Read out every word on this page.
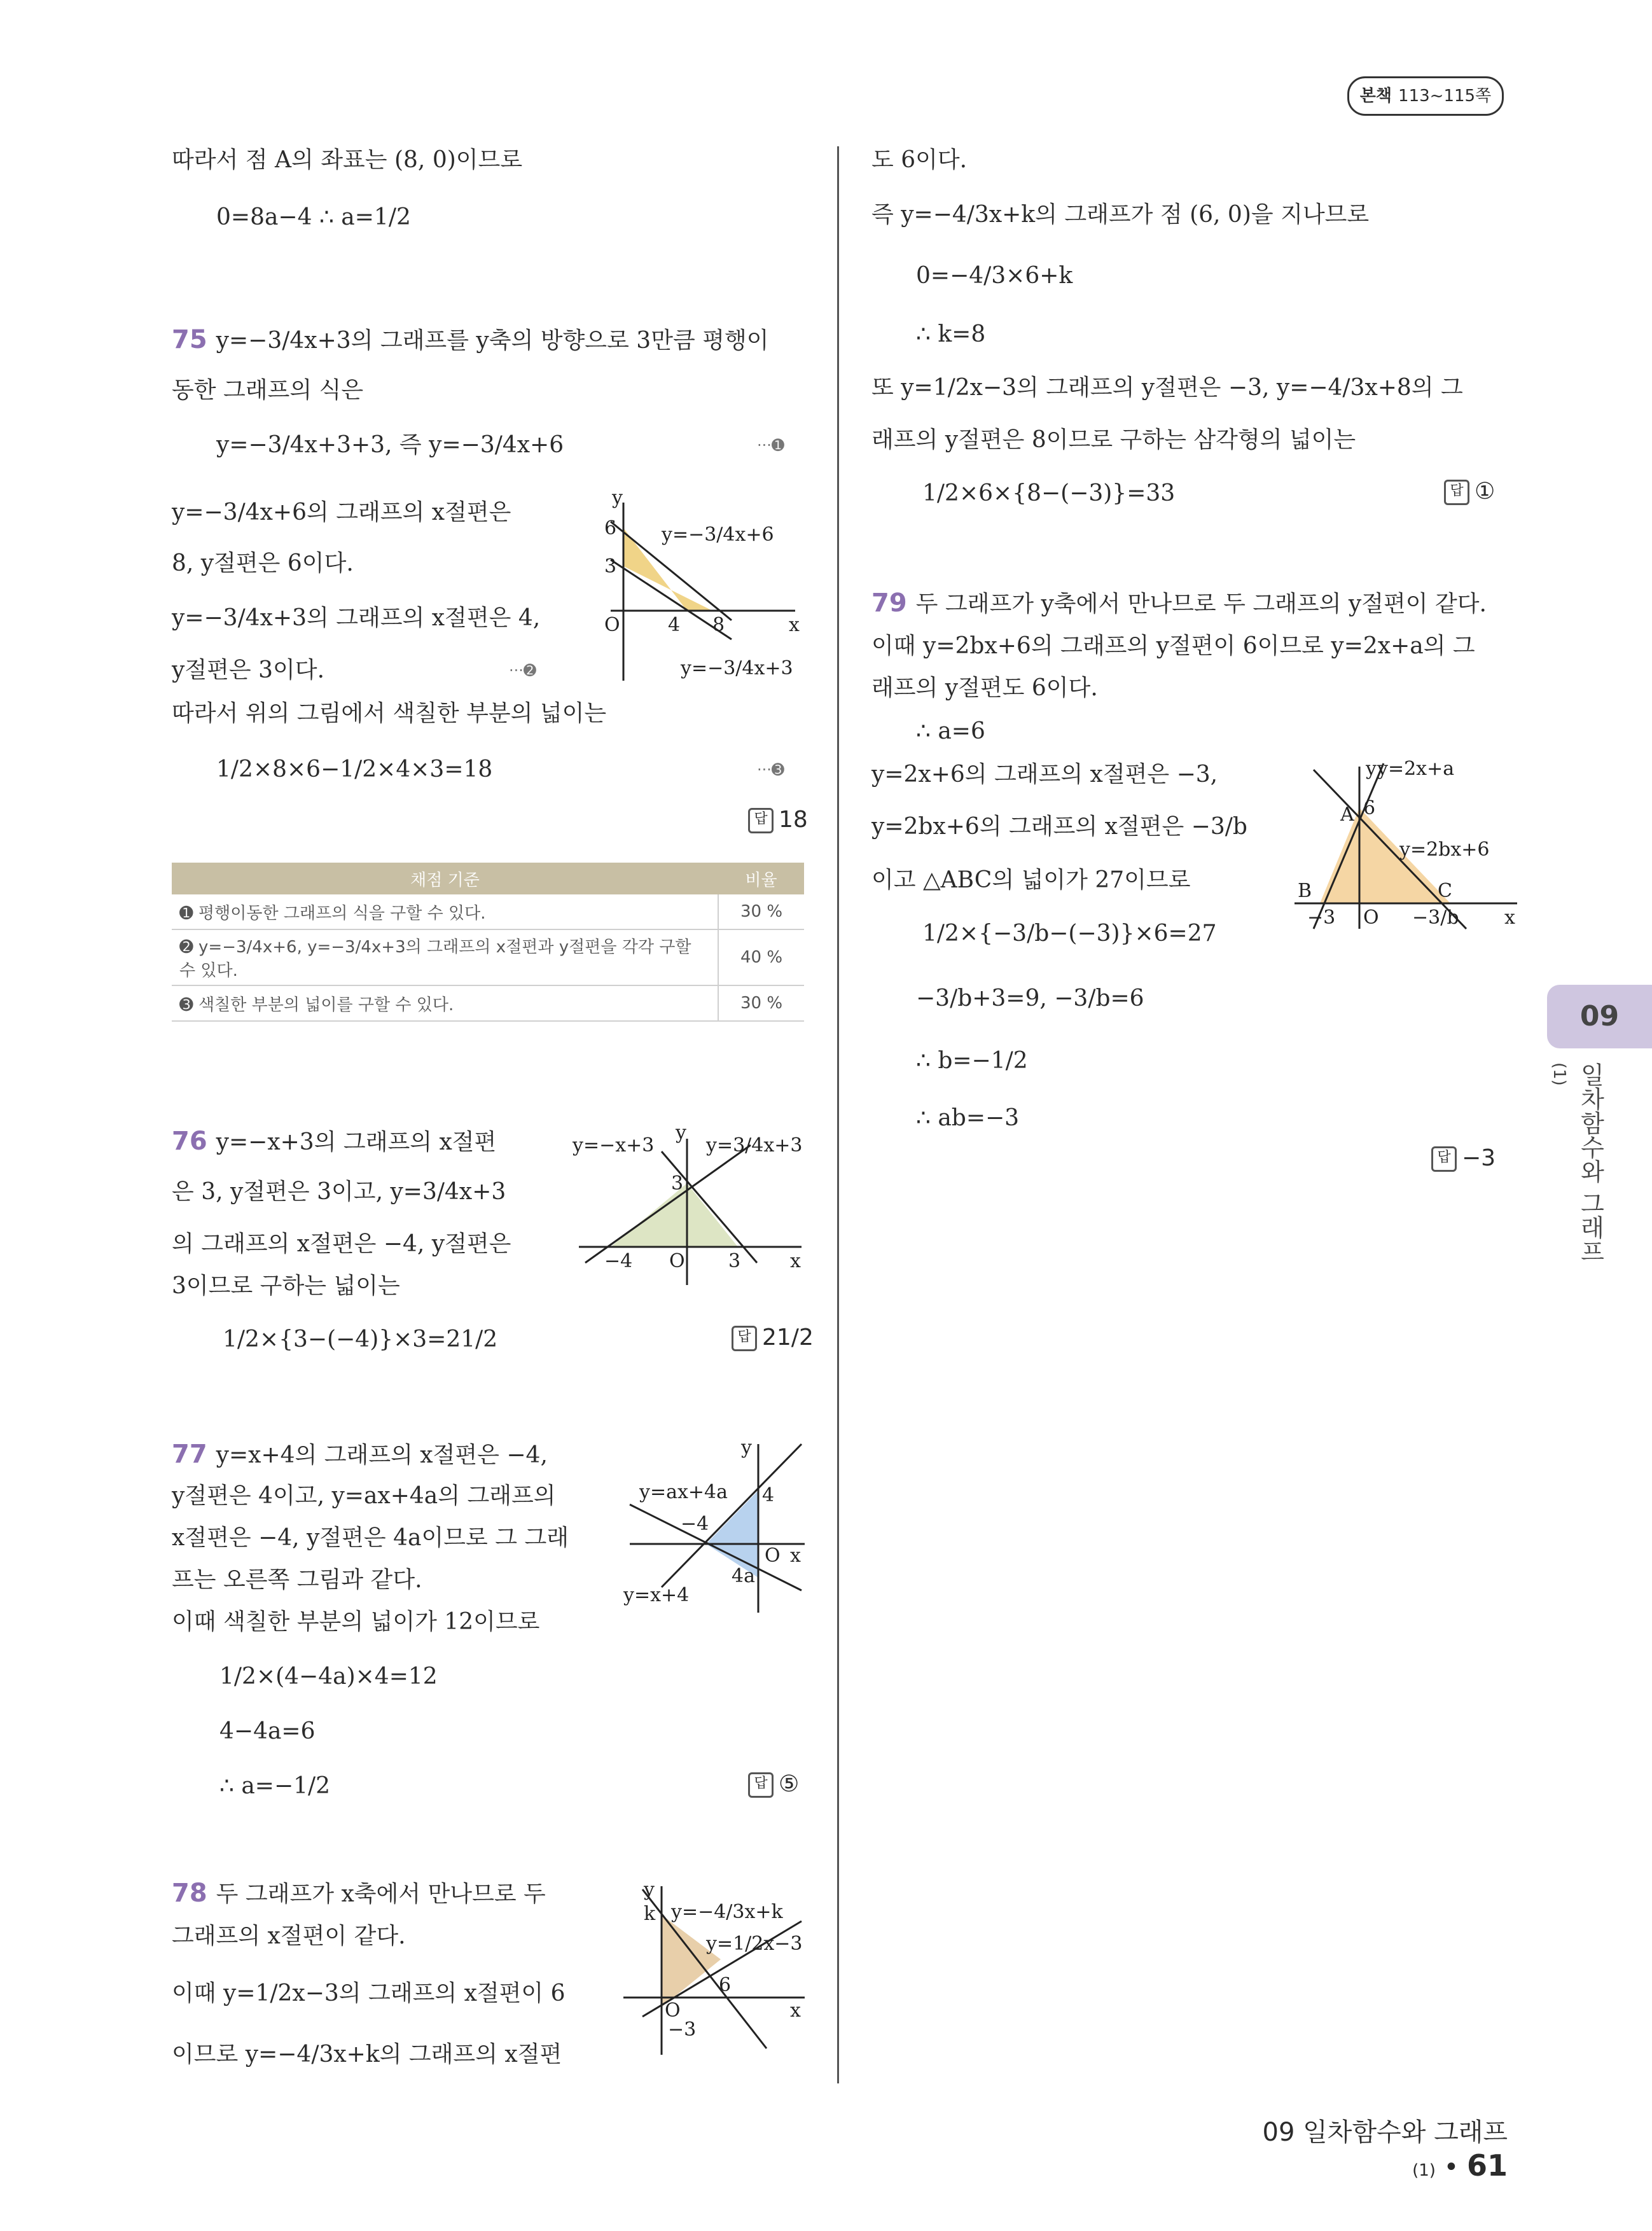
본책 113~115쪽
09
일차함수와 그래프(1)
따라서 점 A의 좌표는 (8, 0)이므로
0=8a−4 ∴ a=1/2
75 y=−3/4x+3의 그래프를 y축의 방향으로 3만큼 평행이
동한 그래프의 식은
y=−3/4x+3+3, 즉 y=−3/4x+6	···➊
y=−3/4x+6의 그래프의 x절편은
8, y절편은 6이다.
y=−3/4x+3의 그래프의 x절편은 4,
y절편은 3이다.	···➋
따라서 위의 그림에서 색칠한 부분의 넓이는
1/2×8×6−1/2×4×3=18	···➌
답 18
y
x
O
6
3
4 8
y=−3/4x+6
y=−3/4x+3
채점 기준	비율
➊ 평행이동한 그래프의 식을 구할 수 있다.	30 %
➋ y=−3/4x+6, y=−3/4x+3의 그래프의 x절편과 y절편을 각각 구할 수 있다.	40 %
➌ 색칠한 부분의 넓이를 구할 수 있다.	30 %
76 y=−x+3의 그래프의 x절편
은 3, y절편은 3이고, y=3/4x+3
의 그래프의 x절편은 −4, y절편은
3이므로 구하는 넓이는
1/2×{3−(−4)}×3=21/2	답 21/2
y=−x+3	y=3/4x+3
y
x
3
−4 O 3
77 y=x+4의 그래프의 x절편은 −4,
y절편은 4이고, y=ax+4a의 그래프의
x절편은 −4, y절편은 4a이므로 그 그래
프는 오른쪽 그림과 같다.
이때 색칠한 부분의 넓이가 12이므로
1/2×(4−4a)×4=12
4−4a=6
∴ a=−1/2	답 ⑤
y
x
y=ax+4a 4
−4
O
4a
y=x+4
78 두 그래프가 x축에서 만나므로 두
그래프의 x절편이 같다.
이때 y=1/2x−3의 그래프의 x절편이 6
이므로 y=−4/3x+k의 그래프의 x절편
y
k y=−4/3x+k
y=1/2x−3
6
O	x
−3
도 6이다.
즉 y=−4/3x+k의 그래프가 점 (6, 0)을 지나므로
0=−4/3×6+k
∴ k=8
또 y=1/2x−3의 그래프의 y절편은 −3, y=−4/3x+8의 그
래프의 y절편은 8이므로 구하는 삼각형의 넓이는
1/2×6×{8−(−3)}=33	답 ①
79 두 그래프가 y축에서 만나므로 두 그래프의 y절편이 같다.
이때 y=2bx+6의 그래프의 y절편이 6이므로 y=2x+a의 그
래프의 y절편도 6이다.
∴ a=6
y=2x+6의 그래프의 x절편은 −3,
y=2bx+6의 그래프의 x절편은 −3/b
이고 △ABC의 넓이가 27이므로
1/2×{−3/b−(−3)}×6=27
−3/b+3=9, −3/b=6
∴ b=−1/2
∴ ab=−3
답 −3
y y=2x+a
A 6
y=2bx+6
B	C
−3 O −3/b x
09 일차함수와 그래프(1) • 61
